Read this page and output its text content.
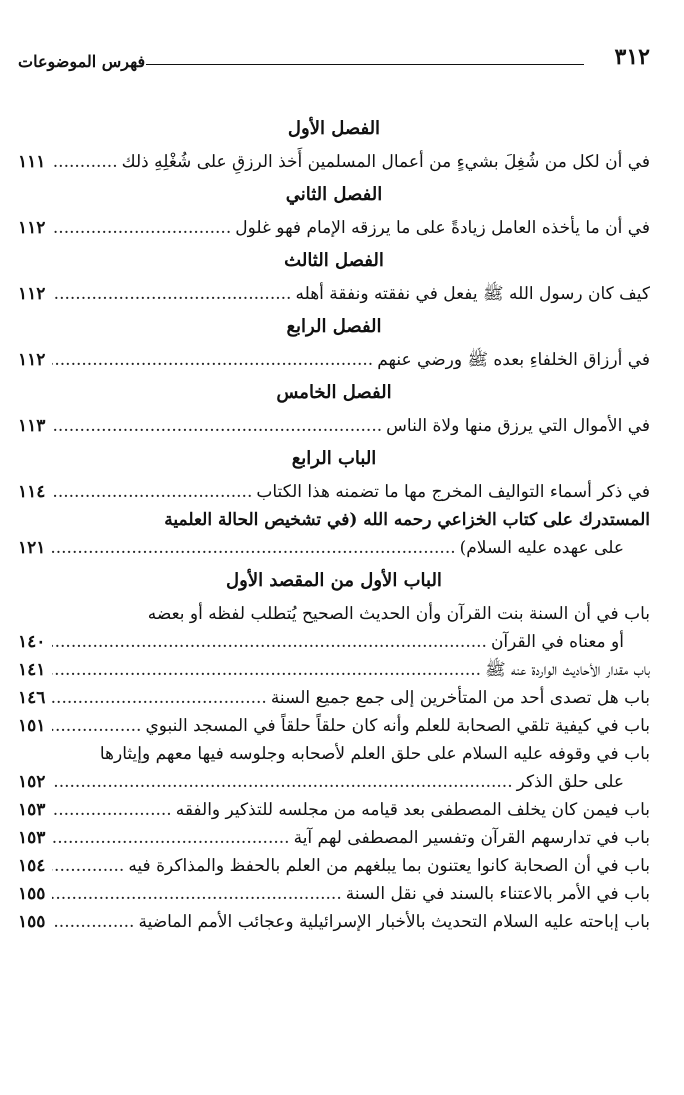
٣١٢
فهرس الموضوعات
الفصل الأول
في أن لكل من شُغِلَ بشيءٍ من أعمال المسلمين أَخذ الرزقِ على شُغْلِهِ ذلك
.....
١١١
الفصل الثاني
في أن ما يأخذه العامل زيادةً على ما يرزقه الإمام فهو غلول
.....
١١٢
الفصل الثالث
كيف كان رسول الله ﷺ يفعل في نفقته ونفقة أهله
.....
١١٢
الفصل الرابع
في أرزاق الخلفاءِ بعده ﷺ ورضي عنهم
.....
١١٢
الفصل الخامس
في الأموال التي يرزق منها ولاة الناس
.....
١١٣
الباب الرابع
في ذكر أسماء التواليف المخرج مها ما تضمنه هذا الكتاب
.....
١١٤
المستدرك على كتاب الخزاعي رحمه الله (في تشخيص الحالة العلمية
على عهده عليه السلام)
.....
١٢١
الباب الأول من المقصد الأول
باب في أن السنة بنت القرآن وأن الحديث الصحيح يُتطلب لفظه أو بعضه
أو معناه في القرآن
.....
١٤٠
باب مقدار الأحاديث الواردة عنه ﷺ
.....
١٤١
باب هل تصدى أحد من المتأخرين إلى جمع جميع السنة
.....
١٤٦
باب في كيفية تلقي الصحابة للعلم وأنه كان حلقاً حلقاً في المسجد النبوي
.....
١٥١
باب في وقوفه عليه السلام على حلق العلم لأصحابه وجلوسه فيها معهم وإيثارها
على حلق الذكر
.....
١٥٢
باب فيمن كان يخلف المصطفى بعد قيامه من مجلسه للتذكير والفقه
.....
١٥٣
باب في تدارسهم القرآن وتفسير المصطفى لهم آية
.....
١٥٣
باب في أن الصحابة كانوا يعتنون بما يبلغهم من العلم بالحفظ والمذاكرة فيه
.....
١٥٤
باب في الأمر بالاعتناء بالسند في نقل السنة
.....
١٥٥
باب إباحته عليه السلام التحديث بالأخبار الإسرائيلية وعجائب الأمم الماضية
.....
١٥٥
